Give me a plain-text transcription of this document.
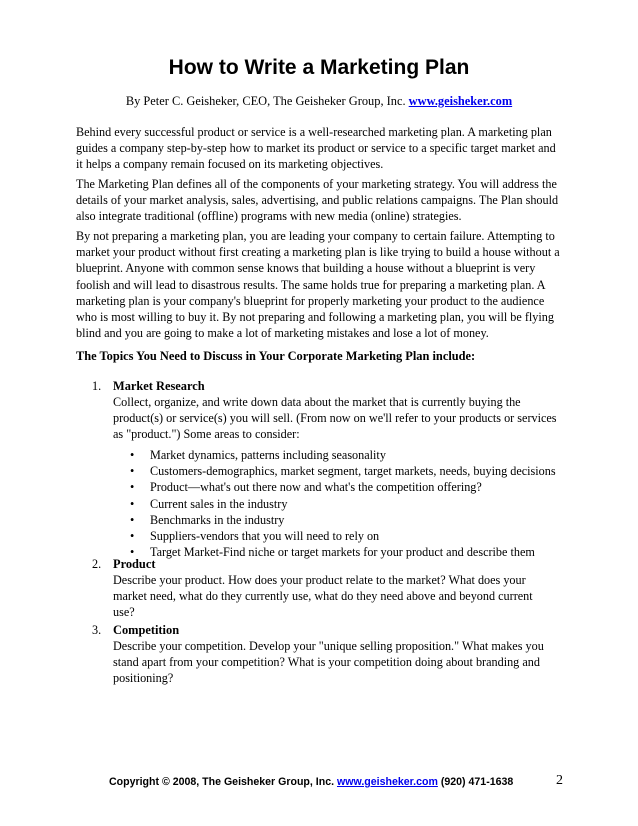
How to Write a Marketing Plan
By Peter C. Geisheker, CEO, The Geisheker Group, Inc. www.geisheker.com
Behind every successful product or service is a well-researched marketing plan. A marketing plan
guides a company step-by-step how to market its product or service to a specific target market and
it helps a company remain focused on its marketing objectives.
The Marketing Plan defines all of the components of your marketing strategy. You will address the
details of your market analysis, sales, advertising, and public relations campaigns. The Plan should
also integrate traditional (offline) programs with new media (online) strategies.
By not preparing a marketing plan, you are leading your company to certain failure. Attempting to
market your product without first creating a marketing plan is like trying to build a house without a
blueprint. Anyone with common sense knows that building a house without a blueprint is very
foolish and will lead to disastrous results. The same holds true for preparing a marketing plan. A
marketing plan is your company's blueprint for properly marketing your product to the audience
who is most willing to buy it. By not preparing and following a marketing plan, you will be flying
blind and you are going to make a lot of marketing mistakes and lose a lot of money.
The Topics You Need to Discuss in Your Corporate Marketing Plan include:
1. Market Research
Collect, organize, and write down data about the market that is currently buying the
product(s) or service(s) you will sell. (From now on we'll refer to your products or services
as "product.") Some areas to consider:
• Market dynamics, patterns including seasonality
• Customers-demographics, market segment, target markets, needs, buying decisions
• Product—what's out there now and what's the competition offering?
• Current sales in the industry
• Benchmarks in the industry
• Suppliers-vendors that you will need to rely on
• Target Market-Find niche or target markets for your product and describe them
2. Product
Describe your product. How does your product relate to the market? What does your
market need, what do they currently use, what do they need above and beyond current
use?
3. Competition
Describe your competition. Develop your "unique selling proposition." What makes you
stand apart from your competition? What is your competition doing about branding and
positioning?
Copyright © 2008, The Geisheker Group, Inc. www.geisheker.com (920) 471-1638	2
